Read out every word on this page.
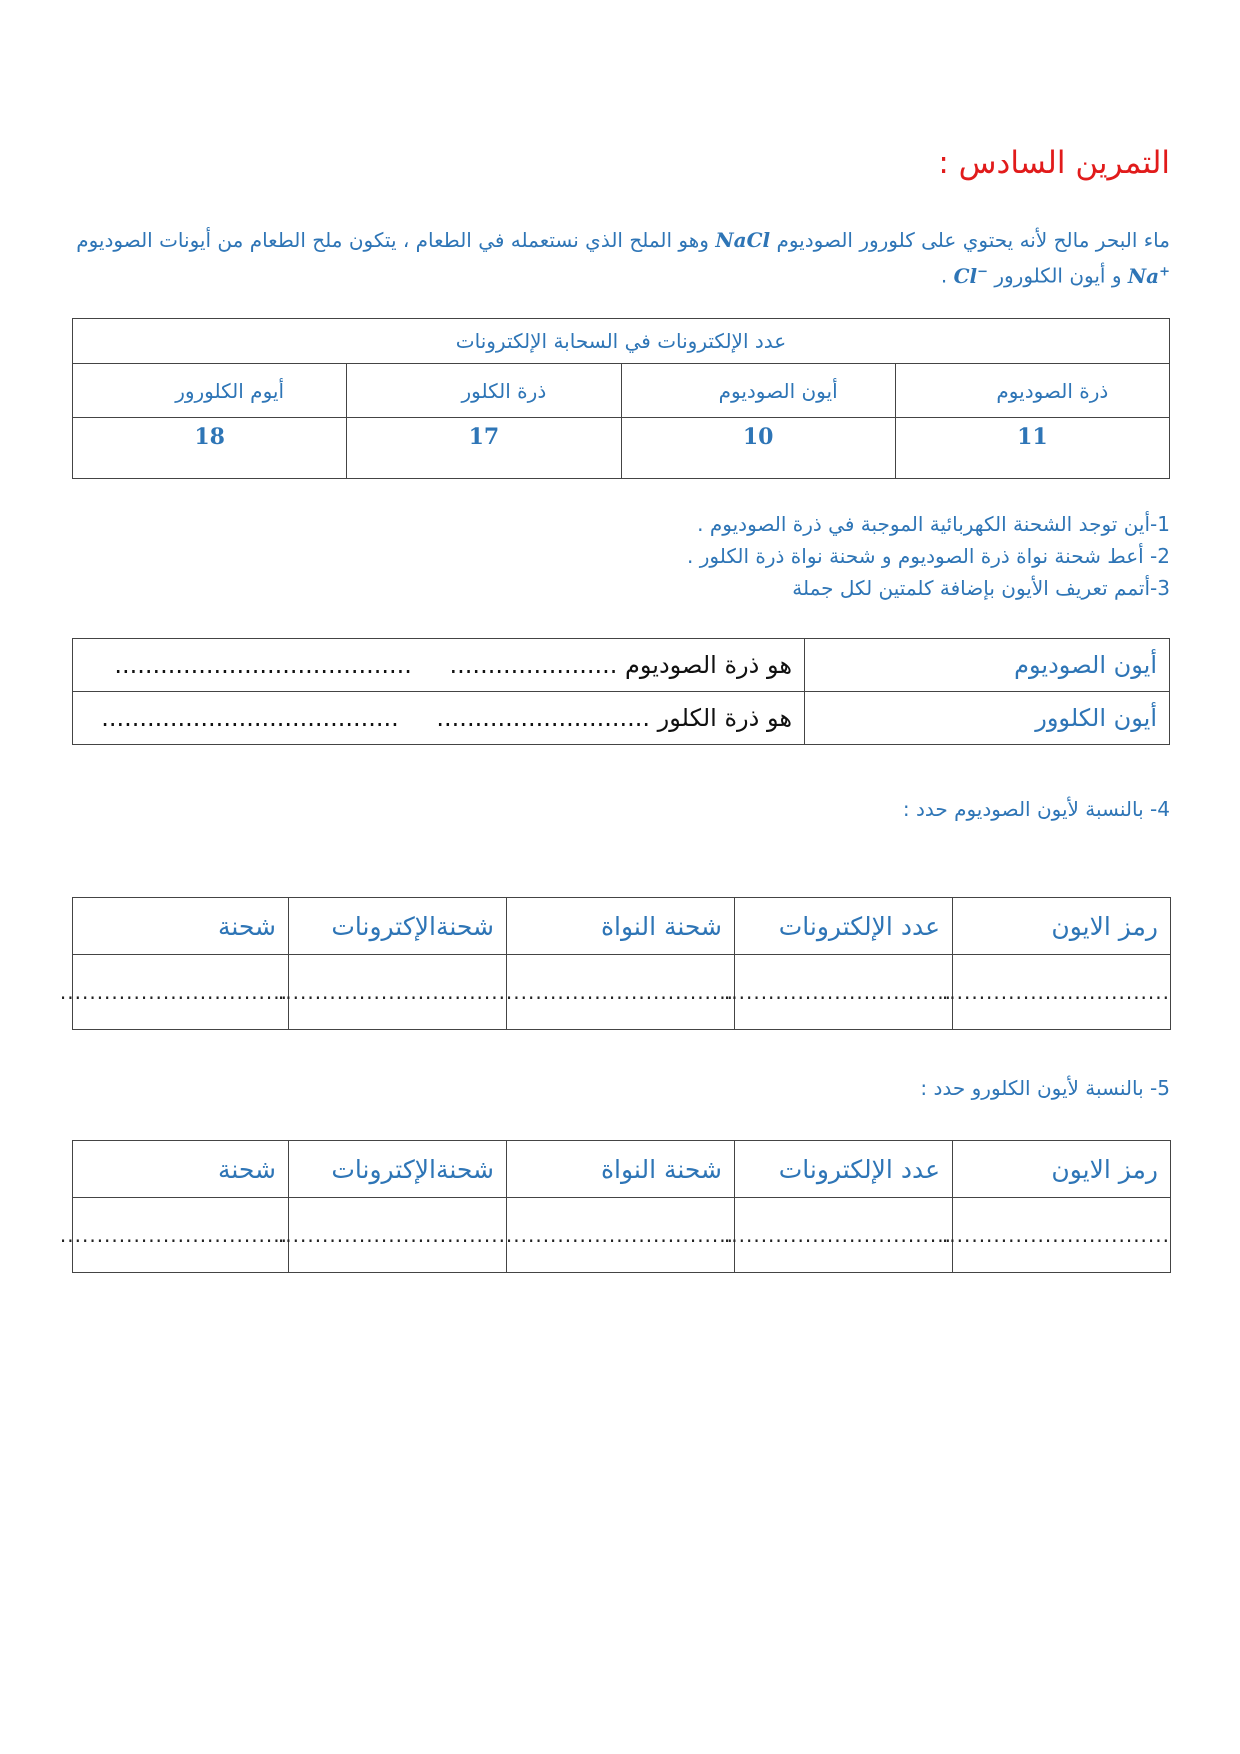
التمرين السادس :
ماء البحر مالح لأنه يحتوي على كلورور الصوديوم NaCl وهو الملح الذي نستعمله في الطعام ، يتكون ملح الطعام من أيونات الصوديوم Na+ و أيون الكلورور Cl− .
عدد الإلكترونات في السحابة الإلكترونات			
ذرة الصوديوم	أيون الصوديوم	ذرة الكلور	أيوم الكلورور
11	10	17	18
1-أين توجد الشحنة الكهربائية الموجبة في ذرة الصوديوم .
2- أعط شحنة نواة ذرة الصوديوم و شحنة نواة ذرة الكلور .
3-أتمم تعريف الأيون بإضافة كلمتين لكل جملة
أيون الصوديوم	هو ذرة الصوديوم ...................... .......................................
أيون الكلوور	هو ذرة الكلور ............................ .......................................
4- بالنسبة لأيون الصوديوم حدد :
رمز الايون	عدد الإلكترونات	شحنة النواة	شحنةالإكترونات	شحنة
...............................	...............................	...............................	...............................	...............................
5- بالنسبة لأيون الكلورو حدد :
رمز الايون	عدد الإلكترونات	شحنة النواة	شحنةالإكترونات	شحنة
...............................	...............................	...............................	...............................	...............................
